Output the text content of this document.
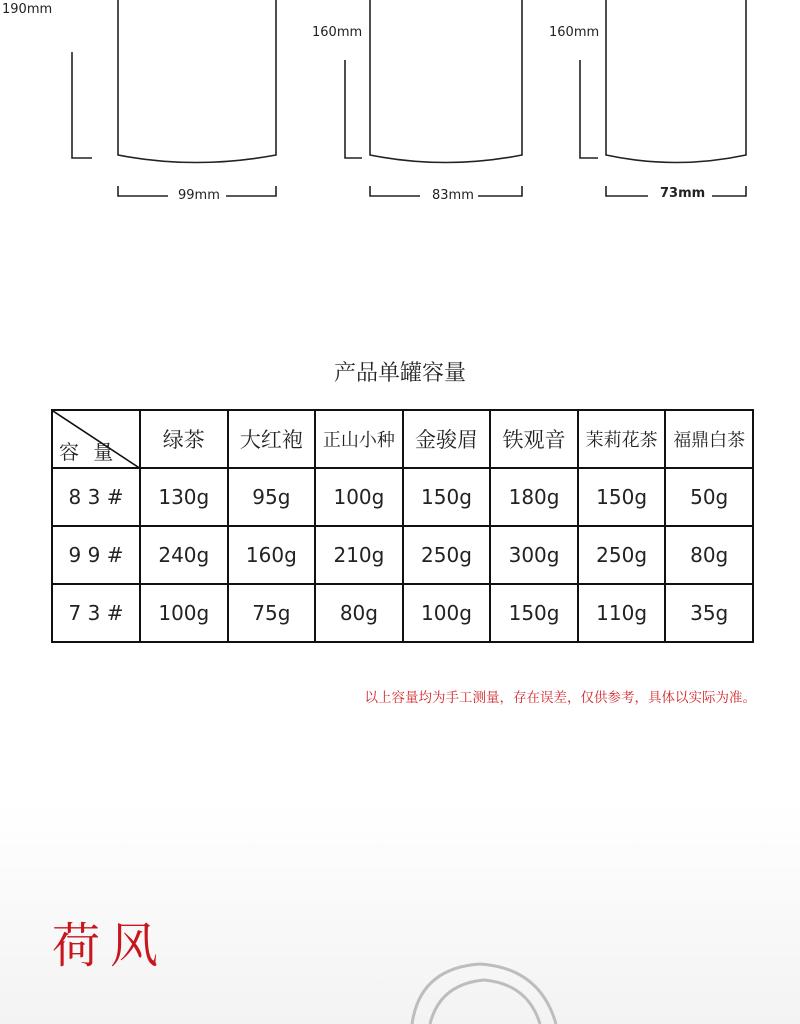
190mm
99mm
160mm
83mm
160mm
73mm
产品单罐容量
容 量	绿茶	大红袍	正山小种	金骏眉	铁观音	茉莉花茶	福鼎白茶
8 3 #	130g	95g	100g	150g	180g	150g	50g
9 9 #	240g	160g	210g	250g	300g	250g	80g
7 3 #	100g	75g	80g	100g	150g	110g	35g
以上容量均为手工测量，存在误差，仅供参考，具体以实际为准。
荷风
